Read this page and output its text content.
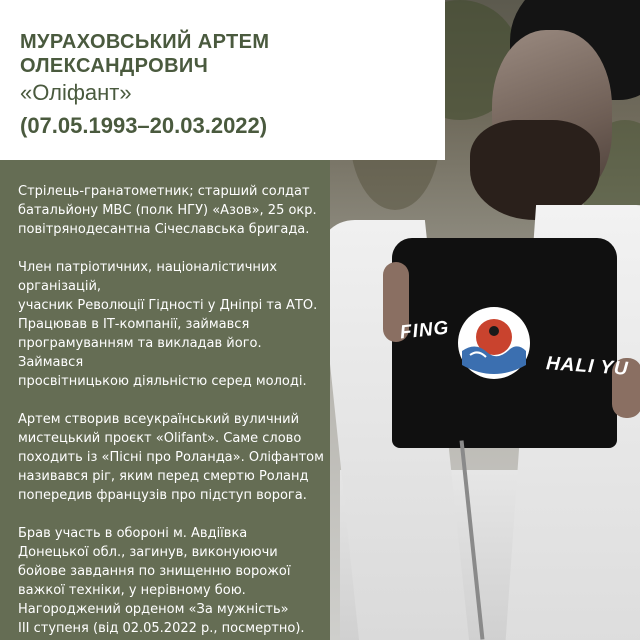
FING
HALI YU
МУРАХОВСЬКИЙ АРТЕМ
ОЛЕКСАНДРОВИЧ
«Оліфант»
(07.05.1993–20.03.2022)

Стрілець-гранатометник; старший солдат
батальйону МВС (полк НГУ) «Азов», 25 окр.
повітрянодесантна Січеславська бригада.

Член патріотичних, націоналістичних організацій,
учасник Революції Гідності у Дніпрі та АТО.
Працював в ІТ-компанії, займався
програмуванням та викладав його. Займався
просвітницькою діяльністю серед молоді.

Артем створив всеукраїнський вуличний
мистецький проєкт «Olifant». Саме слово
походить із «Пісні про Роланда». Оліфантом
називався ріг, яким перед смертю Роланд
попередив французів про підступ ворога.

Брав участь в обороні м. Авдіївка
Донецької обл., загинув, виконуюючи
бойове завдання по знищенню ворожої
важкої техніки, у нерівному бою.
Нагороджений орденом «За мужність»
ІІІ ступеня (від 02.05.2022 р., посмертно).
